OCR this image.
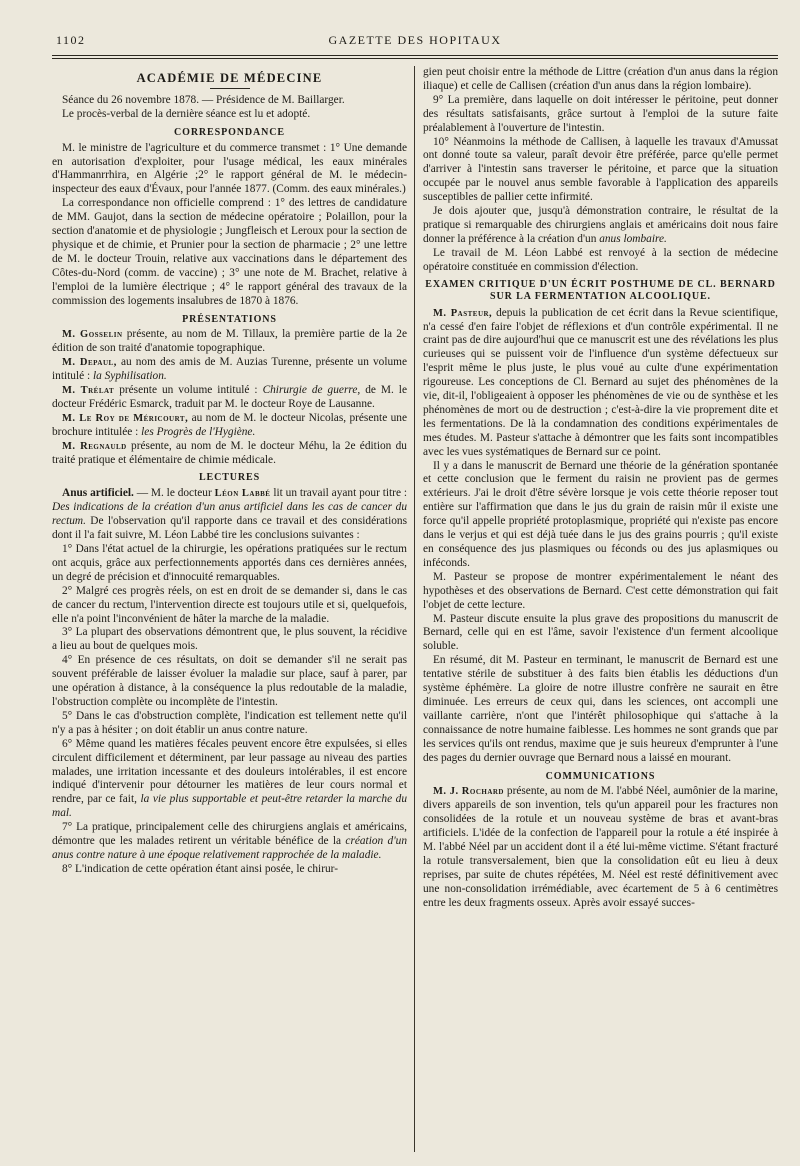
1102	GAZETTE DES HOPITAUX
ACADÉMIE DE MÉDECINE

Séance du 26 novembre 1878. — Présidence de M. Baillarger.

Le procès-verbal de la dernière séance est lu et adopté.

CORRESPONDANCE

M. le ministre de l'agriculture et du commerce transmet : 1° Une demande en autorisation d'exploiter, pour l'usage médical, les eaux minérales d'Hammanrrhira, en Algérie ;2° le rapport général de M. le médecin-inspecteur des eaux d'Évaux, pour l'année 1877. (Comm. des eaux minérales.)

La correspondance non officielle comprend : 1° des lettres de candidature de MM. Gaujot, dans la section de médecine opératoire ; Polaillon, pour la section d'anatomie et de physiologie ; Jungfleisch et Leroux pour la section de physique et de chimie, et Prunier pour la section de pharmacie ; 2° une lettre de M. le docteur Trouin, relative aux vaccinations dans le département des Côtes-du-Nord (comm. de vaccine) ; 3° une note de M. Brachet, relative à l'emploi de la lumière électrique ; 4° le rapport général des travaux de la commission des logements insalubres de 1870 à 1876.

PRÉSENTATIONS

M. Gosselin présente, au nom de M. Tillaux, la première partie de la 2e édition de son traité d'anatomie topographique.

M. Depaul, au nom des amis de M. Auzias Turenne, présente un volume intitulé : la Syphilisation.

M. Trélat présente un volume intitulé : Chirurgie de guerre, de M. le docteur Frédéric Esmarck, traduit par M. le docteur Roye de Lausanne.

M. Le Roy de Méricourt, au nom de M. le docteur Nicolas, présente une brochure intitulée : les Progrès de l'Hygiène.

M. Regnauld présente, au nom de M. le docteur Méhu, la 2e édition du traité pratique et élémentaire de chimie médicale.

LECTURES

Anus artificiel. — M. le docteur Léon Labbé lit un travail ayant pour titre : Des indications de la création d'un anus artificiel dans les cas de cancer du rectum. De l'observation qu'il rapporte dans ce travail et des considérations dont il l'a fait suivre, M. Léon Labbé tire les conclusions suivantes :

1° Dans l'état actuel de la chirurgie, les opérations pratiquées sur le rectum ont acquis, grâce aux perfectionnements apportés dans ces dernières années, un degré de précision et d'innocuité remarquables.

2° Malgré ces progrès réels, on est en droit de se demander si, dans le cas de cancer du rectum, l'intervention directe est toujours utile et si, quelquefois, elle n'a point l'inconvénient de hâter la marche de la maladie.

3° La plupart des observations démontrent que, le plus souvent, la récidive a lieu au bout de quelques mois.

4° En présence de ces résultats, on doit se demander s'il ne serait pas souvent préférable de laisser évoluer la maladie sur place, sauf à parer, par une opération à distance, à la conséquence la plus redoutable de la maladie, l'obstruction complète ou incomplète de l'intestin.

5° Dans le cas d'obstruction complète, l'indication est tellement nette qu'il n'y a pas à hésiter ; on doit établir un anus contre nature.

6° Même quand les matières fécales peuvent encore être expulsées, si elles circulent difficilement et déterminent, par leur passage au niveau des parties malades, une irritation incessante et des douleurs intolérables, il est encore indiqué d'intervenir pour détourner les matières de leur cours normal et rendre, par ce fait, la vie plus supportable et peut-être retarder la marche du mal.

7° La pratique, principalement celle des chirurgiens anglais et américains, démontre que les malades retirent un véritable bénéfice de la création d'un anus contre nature à une époque relativement rapprochée de la maladie.

8° L'indication de cette opération étant ainsi posée, le chirur-

gien peut choisir entre la méthode de Littre (création d'un anus dans la région iliaque) et celle de Callisen (création d'un anus dans la région lombaire).

9° La première, dans laquelle on doit intéresser le péritoine, peut donner des résultats satisfaisants, grâce surtout à l'emploi de la suture faite préalablement à l'ouverture de l'intestin.

10° Néanmoins la méthode de Callisen, à laquelle les travaux d'Amussat ont donné toute sa valeur, paraît devoir être préférée, parce qu'elle permet d'arriver à l'intestin sans traverser le péritoine, et parce que la situation occupée par le nouvel anus semble favorable à l'application des appareils susceptibles de pallier cette infirmité.

Je dois ajouter que, jusqu'à démonstration contraire, le résultat de la pratique si remarquable des chirurgiens anglais et américains doit nous faire donner la préférence à la création d'un anus lombaire.

Le travail de M. Léon Labbé est renvoyé à la section de médecine opératoire constituée en commission d'élection.

EXAMEN CRITIQUE D'UN ÉCRIT POSTHUME DE CL. BERNARD SUR LA FERMENTATION ALCOOLIQUE.

M. Pasteur, depuis la publication de cet écrit dans la Revue scientifique, n'a cessé d'en faire l'objet de réflexions et d'un contrôle expérimental. Il ne craint pas de dire aujourd'hui que ce manuscrit est une des révélations les plus curieuses qui se puissent voir de l'influence d'un système défectueux sur l'esprit même le plus juste, le plus voué au culte d'une expérimentation rigoureuse. Les conceptions de Cl. Bernard au sujet des phénomènes de la vie, dit-il, l'obligeaient à opposer les phénomènes de vie ou de synthèse et les phénomènes de mort ou de destruction ; c'est-à-dire la vie proprement dite et les fermentations. De là la condamnation des conditions expérimentales de mes études. M. Pasteur s'attache à démontrer que les faits sont incompatibles avec les vues systématiques de Bernard sur ce point.

Il y a dans le manuscrit de Bernard une théorie de la génération spontanée et cette conclusion que le ferment du raisin ne provient pas de germes extérieurs. J'ai le droit d'être sévère lorsque je vois cette théorie reposer tout entière sur l'affirmation que dans le jus du grain de raisin mûr il existe une force qu'il appelle propriété protoplasmique, propriété qui n'existe pas encore dans le verjus et qui est déjà tuée dans le jus des grains pourris ; qu'il existe en conséquence des jus plasmiques ou féconds ou des jus aplasmiques ou inféconds.

M. Pasteur se propose de montrer expérimentalement le néant des hypothèses et des observations de Bernard. C'est cette démonstration qui fait l'objet de cette lecture.

M. Pasteur discute ensuite la plus grave des propositions du manuscrit de Bernard, celle qui en est l'âme, savoir l'existence d'un ferment alcoolique soluble.

En résumé, dit M. Pasteur en terminant, le manuscrit de Bernard est une tentative stérile de substituer à des faits bien établis les déductions d'un système éphémère. La gloire de notre illustre confrère ne saurait en être diminuée. Les erreurs de ceux qui, dans les sciences, ont accompli une vaillante carrière, n'ont que l'intérêt philosophique qui s'attache à la connaissance de notre humaine faiblesse. Les hommes ne sont grands que par les services qu'ils ont rendus, maxime que je suis heureux d'emprunter à l'une des pages du dernier ouvrage que Bernard nous a laissé en mourant.

COMMUNICATIONS

M. J. Rochard présente, au nom de M. l'abbé Néel, aumônier de la marine, divers appareils de son invention, tels qu'un appareil pour les fractures non consolidées de la rotule et un nouveau système de bras et avant-bras artificiels. L'idée de la confection de l'appareil pour la rotule a été inspirée à M. l'abbé Néel par un accident dont il a été lui-même victime. S'étant fracturé la rotule transversalement, bien que la consolidation eût eu lieu à deux reprises, par suite de chutes répétées, M. Néel est resté définitivement avec une non-consolidation irrémédiable, avec écartement de 5 à 6 centimètres entre les deux fragments osseux. Après avoir essayé succes-
